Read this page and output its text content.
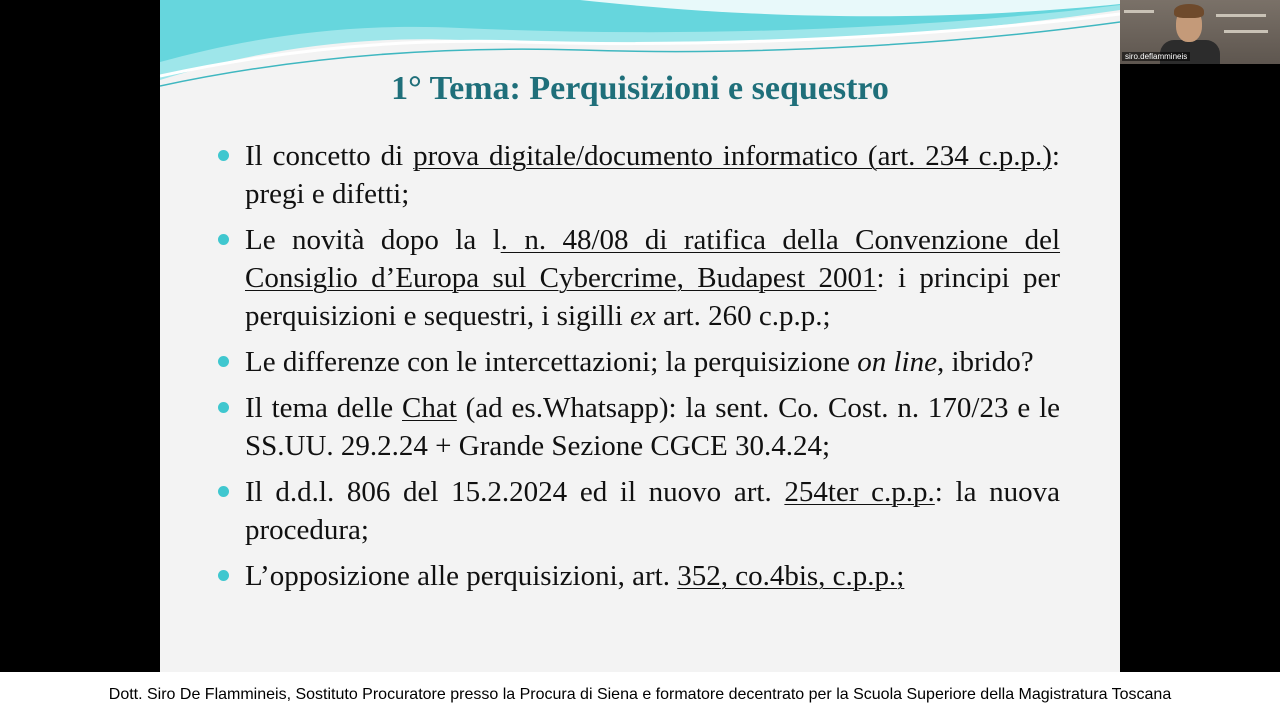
1° Tema: Perquisizioni e sequestro
Il concetto di prova digitale/documento informatico (art. 234 c.p.p.): pregi e difetti;
Le novità dopo la l. n. 48/08 di ratifica della Convenzione del Consiglio d’Europa sul Cybercrime, Budapest 2001: i principi per perquisizioni e sequestri, i sigilli ex art. 260 c.p.p.;
Le differenze con le intercettazioni; la perquisizione on line, ibrido?
Il tema delle Chat (ad es.Whatsapp): la sent. Co. Cost. n. 170/23 e le SS.UU. 29.2.24 + Grande Sezione CGCE 30.4.24;
Il d.d.l. 806 del 15.2.2024 ed il nuovo art. 254ter c.p.p.: la nuova procedura;
L’opposizione alle perquisizioni, art. 352, co.4bis, c.p.p.;
siro.deflammineis
Dott. Siro De Flammineis, Sostituto Procuratore presso la Procura di Siena e formatore decentrato per la Scuola Superiore della Magistratura Toscana
